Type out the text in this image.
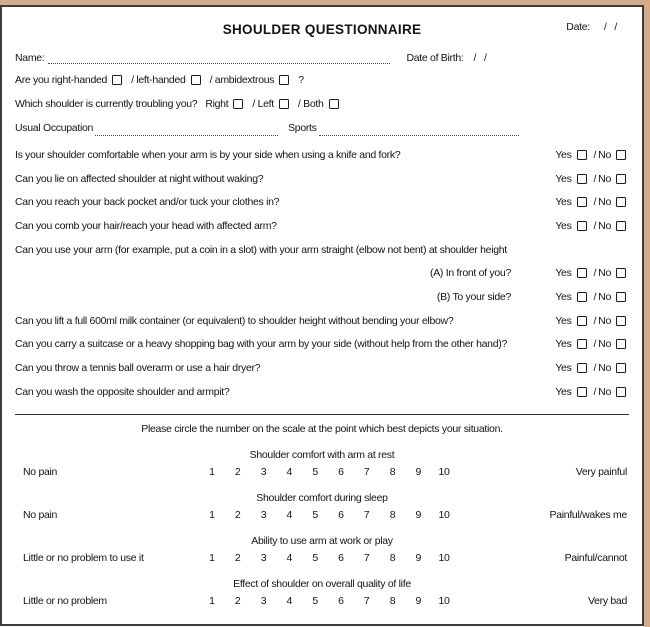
SHOULDER QUESTIONNAIRE	Date: /   /
Name:	Date of Birth: /   /
Are you right-handed / left-handed / ambidextrous ?
Which shoulder is currently troubling you? Right / Left / Both
Usual Occupation	Sports
Is your shoulder comfortable when your arm is by your side when using a knife and fork?	Yes / No
Can you lie on affected shoulder at night without waking?	Yes / No
Can you reach your back pocket and/or tuck your clothes in?	Yes / No
Can you comb your hair/reach your head with affected arm?	Yes / No
Can you use your arm (for example, put a coin in a slot) with your arm straight (elbow not bent) at shoulder height
(A) In front of you?	Yes / No
(B) To your side?	Yes / No
Can you lift a full 600ml milk container (or equivalent) to shoulder height without bending your elbow?	Yes / No
Can you carry a suitcase or a heavy shopping bag with your arm by your side (without help from the other hand)?	Yes / No
Can you throw a tennis ball overarm or use a hair dryer?	Yes / No
Can you wash the opposite shoulder and armpit?	Yes / No
Please circle the number on the scale at the point which best depicts your situation.
Shoulder comfort with arm at rest
No pain	1	2	3	4	5	6	7	8	9	10	Very painful
Shoulder comfort during sleep
No pain	1	2	3	4	5	6	7	8	9	10	Painful/wakes me
Ability to use arm at work or play
Little or no problem to use it	1	2	3	4	5	6	7	8	9	10	Painful/cannot
Effect of shoulder on overall quality of life
Little or no problem	1	2	3	4	5	6	7	8	9	10	Very bad
